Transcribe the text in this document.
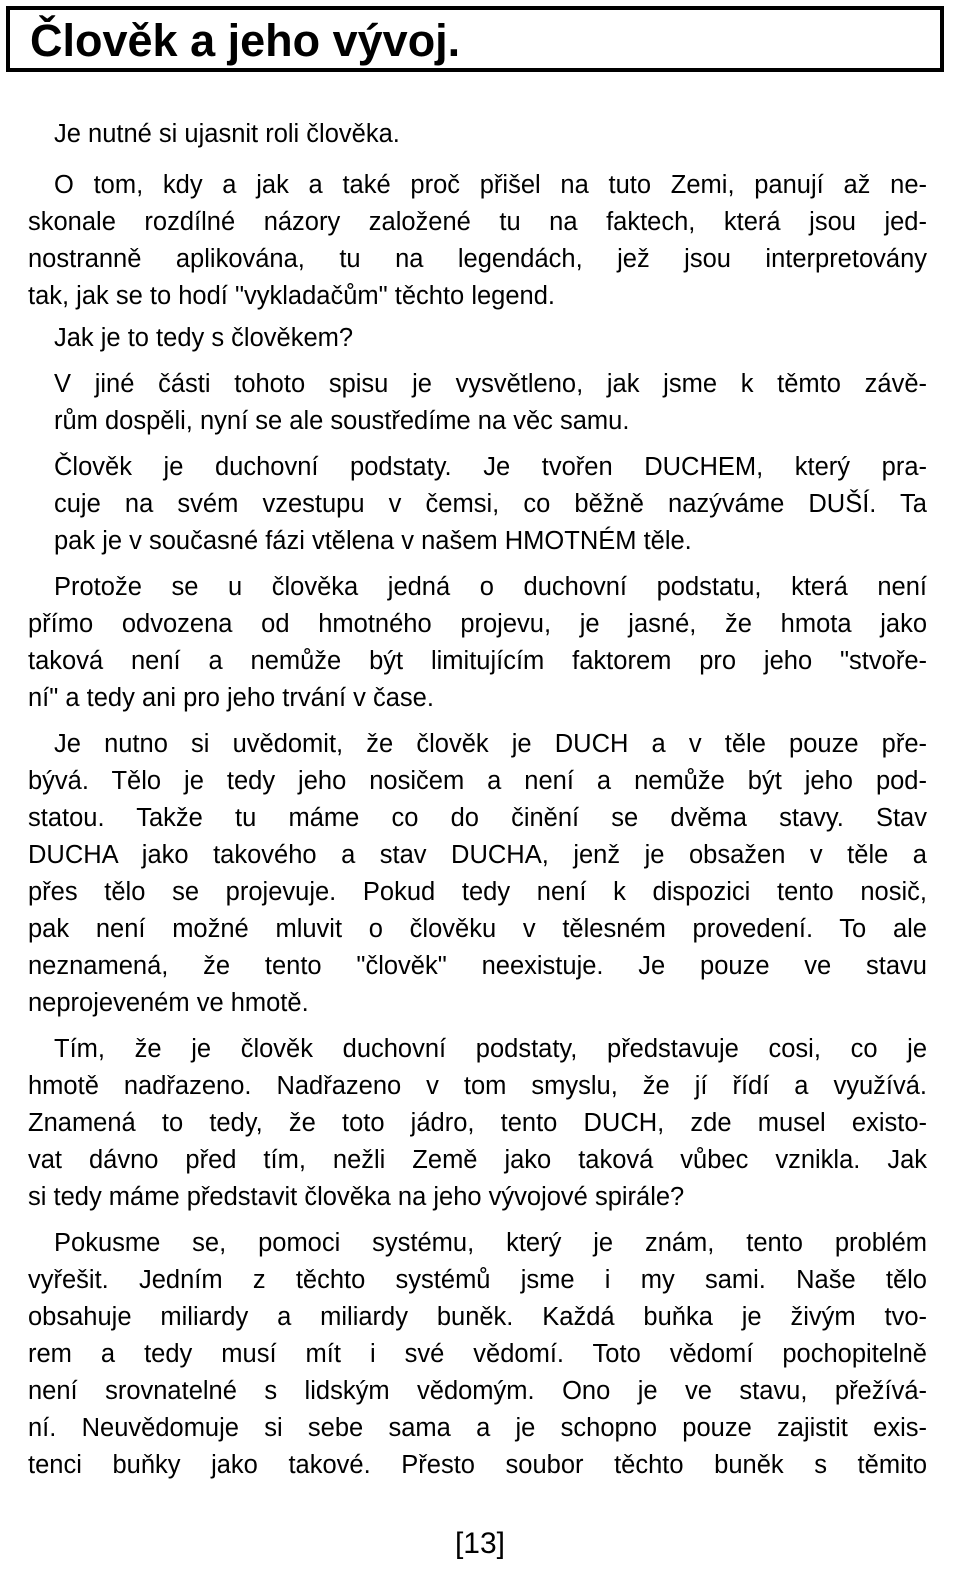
Člověk a jeho vývoj.
Je nutné si ujasnit roli člověka.
O tom, kdy a jak a také proč přišel na tuto Zemi, panují až ne-
skonale rozdílné názory založené tu na faktech, která jsou jed-
nostranně aplikována, tu na legendách, jež jsou interpretovány
tak, jak se to hodí "vykladačům" těchto legend.
Jak je to tedy s člověkem?
V jiné části tohoto spisu je vysvětleno, jak jsme k těmto závě-
rům dospěli, nyní se ale soustředíme na věc samu.
Člověk je duchovní podstaty. Je tvořen DUCHEM, který pra-
cuje na svém vzestupu v čemsi, co běžně nazýváme DUŠÍ. Ta
pak je v současné fázi vtělena v našem HMOTNÉM těle.
Protože se u člověka jedná o duchovní podstatu, která není
přímo odvozena od hmotného projevu, je jasné, že hmota jako
taková není a nemůže být limitujícím faktorem pro jeho "stvoře-
ní" a tedy ani pro jeho trvání v čase.
Je nutno si uvědomit, že člověk je DUCH a v těle pouze pře-
bývá. Tělo je tedy jeho nosičem a není a nemůže být jeho pod-
statou. Takže tu máme co do činění se dvěma stavy. Stav
DUCHA jako takového a stav DUCHA, jenž je obsažen v těle a
přes tělo se projevuje. Pokud tedy není k dispozici tento nosič,
pak není možné mluvit o člověku v tělesném provedení. To ale
neznamená, že tento "člověk" neexistuje. Je pouze ve stavu
neprojeveném ve hmotě.
Tím, že je člověk duchovní podstaty, představuje cosi, co je
hmotě nadřazeno. Nadřazeno v tom smyslu, že jí řídí a využívá.
Znamená to tedy, že toto jádro, tento DUCH, zde musel existo-
vat dávno před tím, nežli Země jako taková vůbec vznikla. Jak
si tedy máme představit člověka na jeho vývojové spirále?
Pokusme se, pomoci systému, který je znám, tento problém
vyřešit. Jedním z těchto systémů jsme i my sami. Naše tělo
obsahuje miliardy a miliardy buněk. Každá buňka je živým tvo-
rem a tedy musí mít i své vědomí. Toto vědomí pochopitelně
není srovnatelné s lidským vědomým. Ono je ve stavu, přežívá-
ní. Neuvědomuje si sebe sama a je schopno pouze zajistit exis-
tenci buňky jako takové. Přesto soubor těchto buněk s těmito
[13]
